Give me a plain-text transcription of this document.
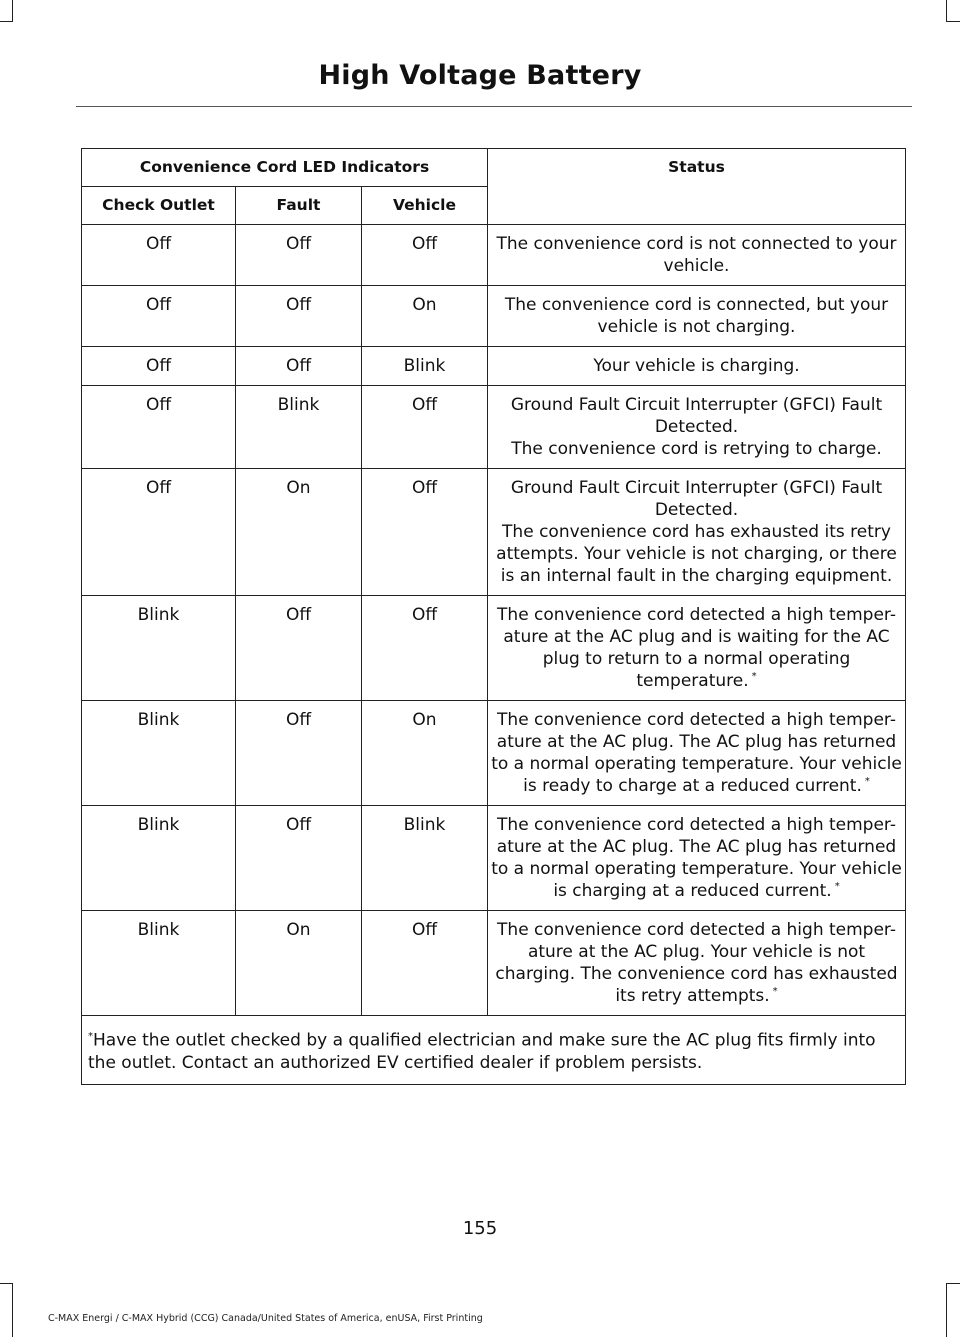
High Voltage Battery
Convenience Cord LED Indicators			Status
Check Outlet	Fault	Vehicle	
Off	Off	Off	The convenience cord is not connected to your vehicle.

Off	Off	On	The convenience cord is connected, but your vehicle is not charging.

Off	Off	Blink	Your vehicle is charging.

Off	Blink	Off	Ground Fault Circuit Interrupter (GFCI) Fault Detected.
The convenience cord is retrying to charge.

Off	On	Off	Ground Fault Circuit Interrupter (GFCI) Fault Detected.
The convenience cord has exhausted its retry attempts. Your vehicle is not charging, or there is an internal fault in the charging equipment.

Blink	Off	Off	The convenience cord detected a high temper-ature at the AC plug and is waiting for the AC plug to return to a normal operating temperature. *

Blink	Off	On	The convenience cord detected a high temper-ature at the AC plug. The AC plug has returned to a normal operating temperature. Your vehicle is ready to charge at a reduced current. *

Blink	Off	Blink	The convenience cord detected a high temper-ature at the AC plug. The AC plug has returned to a normal operating temperature. Your vehicle is charging at a reduced current. *

Blink	On	Off	The convenience cord detected a high temper-ature at the AC plug. Your vehicle is not charging. The convenience cord has exhausted its retry attempts. *

*Have the outlet checked by a qualified electrician and make sure the AC plug fits firmly into the outlet. Contact an authorized EV certified dealer if problem persists.			
155
C-MAX Energi / C-MAX Hybrid (CCG) Canada/United States of America, enUSA, First Printing
